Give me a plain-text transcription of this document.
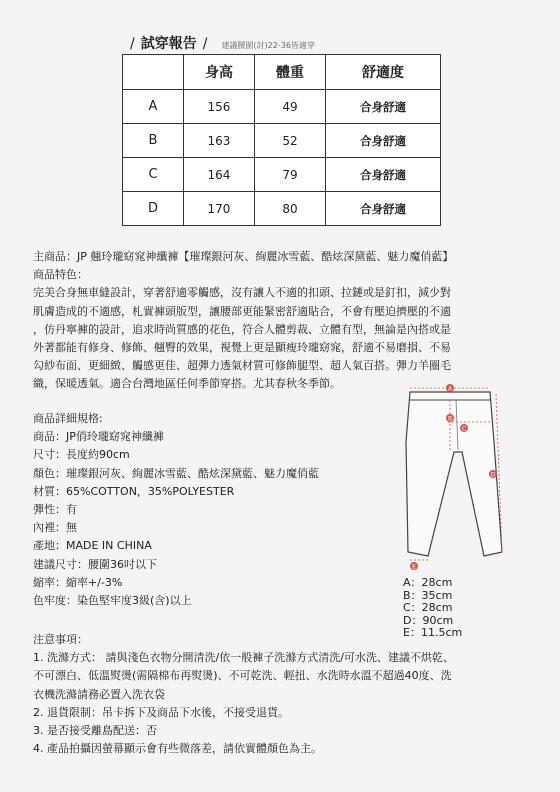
/ 試穿報告 / 建議腰圍(討)22-36皆適穿
	身高	體重	舒適度
A	156	49	合身舒適
B	163	52	合身舒適
C	164	79	合身舒適
D	170	80	合身舒適
主商品：JP 翹玲瓏窈窕神纖褲【璀璨銀河灰、絢麗冰雪藍、酷炫深黛藍、魅力魔俏藍】
商品特色：
完美合身無車縫設計，穿著舒適零觸感，沒有讓人不適的扣頭、拉鏈或是釘扣，減少對
肌膚造成的不適感，札實褲頭版型，讓腰部更能緊密舒適貼合，不會有壓迫擠壓的不適
，仿丹寧褲的設計，追求時尚質感的花色，符合人體剪裁、立體有型，無論是內搭或是
外著都能有修身、修飾、翹臀的效果，視覺上更是顯瘦玲瓏窈窕，舒適不易磨損、不易
勾紗布面、更細緻、觸感更佳、超彈力透氣材質可修飾腿型、超人氣百搭。彈力羊圈毛
織，保暖透氣。適合台灣地區任何季節穿搭。尤其春秋冬季節。
商品詳細規格:
商品：JP俏玲瓏窈窕神纖褲
尺寸：長度約90cm
顏色：璀璨銀河灰、絢麗冰雪藍、酷炫深黛藍、魅力魔俏藍
材質：65%COTTON，35%POLYESTER
彈性：有
內裡：無
產地：MADE IN CHINA
建議尺寸：腰圍36吋以下
縮率：縮率+/-3%
色牢度：染色堅牢度3級(含)以上
A
B
C
D
E
A：28cm
B：35cm
C：28cm
D：90cm
E：11.5cm
注意事項：
1. 洗滌方式： 請與淺色衣物分開清洗/依一般褲子洗滌方式清洗/可水洗、建議不烘乾、
不可漂白、低溫熨燙(需隔棉布再熨燙)、不可乾洗、輕扭、水洗時水溫不超過40度、洗
衣機洗滌請務必置入洗衣袋
2. 退貨限制：吊卡拆下及商品下水後，不接受退貨。
3. 是否接受離島配送：否
4. 產品拍攝因螢幕顯示會有些微落差，請依實體顏色為主。
